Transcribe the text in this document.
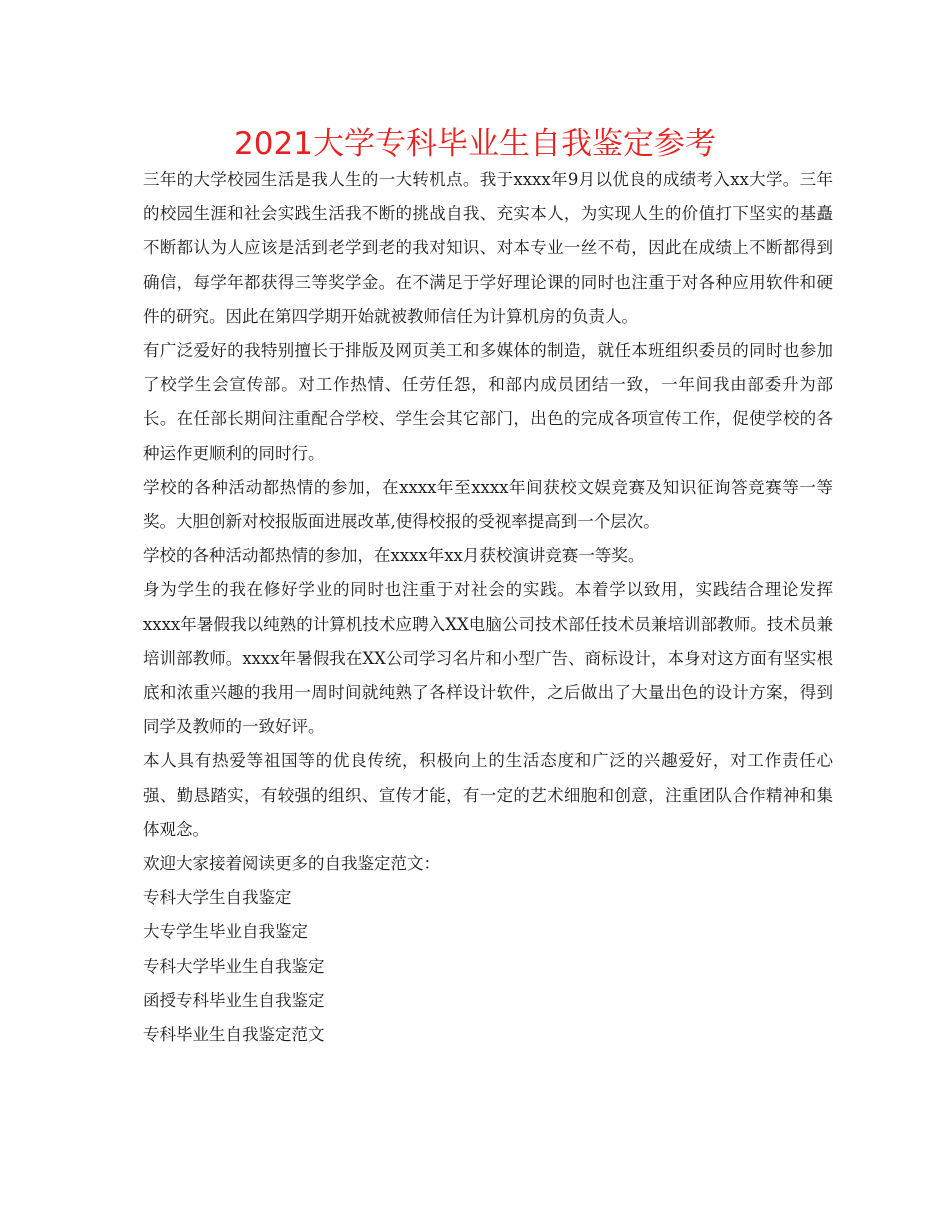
2021大学专科毕业生自我鉴定参考

三年的大学校园生活是我人生的一大转机点。我于xxxx年9月以优良的成绩考入xx大学。三年的校园生涯和社会实践生活我不断的挑战自我、充实本人，为实现人生的价值打下坚实的基矗不断都认为人应该是活到老学到老的我对知识、对本专业一丝不苟，因此在成绩上不断都得到确信，每学年都获得三等奖学金。在不满足于学好理论课的同时也注重于对各种应用软件和硬件的研究。因此在第四学期开始就被教师信任为计算机房的负责人。

有广泛爱好的我特别擅长于排版及网页美工和多媒体的制造，就任本班组织委员的同时也参加了校学生会宣传部。对工作热情、任劳任怨，和部内成员团结一致，一年间我由部委升为部长。在任部长期间注重配合学校、学生会其它部门，出色的完成各项宣传工作，促使学校的各种运作更顺利的同时行。

学校的各种活动都热情的参加，在xxxx年至xxxx年间获校文娱竞赛及知识征询答竞赛等一等奖。大胆创新对校报版面进展改革,使得校报的受视率提高到一个层次。

学校的各种活动都热情的参加，在xxxx年xx月获校演讲竞赛一等奖。

身为学生的我在修好学业的同时也注重于对社会的实践。本着学以致用，实践结合理论发挥xxxx年暑假我以纯熟的计算机技术应聘入XX电脑公司技术部任技术员兼培训部教师。技术员兼培训部教师。xxxx年暑假我在XX公司学习名片和小型广告、商标设计，本身对这方面有坚实根底和浓重兴趣的我用一周时间就纯熟了各样设计软件，之后做出了大量出色的设计方案，得到同学及教师的一致好评。

本人具有热爱等祖国等的优良传统，积极向上的生活态度和广泛的兴趣爱好，对工作责任心强、勤恳踏实，有较强的组织、宣传才能，有一定的艺术细胞和创意，注重团队合作精神和集体观念。

欢迎大家接着阅读更多的自我鉴定范文：

专科大学生自我鉴定
大专学生毕业自我鉴定
专科大学毕业生自我鉴定
函授专科毕业生自我鉴定
专科毕业生自我鉴定范文
